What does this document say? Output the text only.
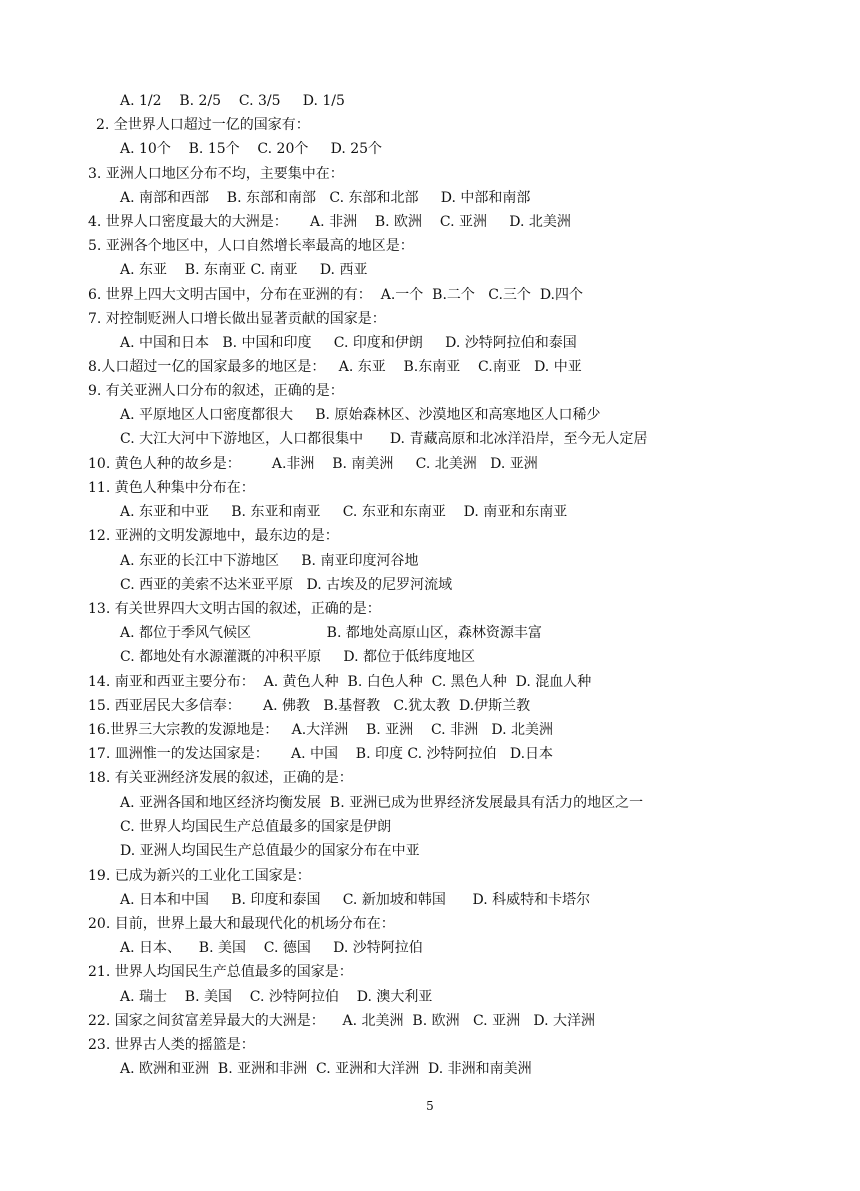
A. 1/2    B. 2/5    C. 3/5     D. 1/5
2. 全世界人口超过一亿的国家有：
A. 10个    B. 15个    C. 20个     D. 25个
3. 亚洲人口地区分布不均，主要集中在：
A. 南部和西部    B. 东部和南部   C. 东部和北部     D. 中部和南部
4. 世界人口密度最大的大洲是：     A. 非洲    B. 欧洲    C. 亚洲     D. 北美洲
5. 亚洲各个地区中，人口自然增长率最高的地区是：
A. 东亚    B. 东南亚 C. 南亚     D. 西亚
6. 世界上四大文明古国中，分布在亚洲的有：  A.一个  B.二个   C.三个  D.四个
7. 对控制贬洲人口增长做出显著贡献的国家是：
A. 中国和日本   B. 中国和印度     C. 印度和伊朗     D. 沙特阿拉伯和泰国
8.人口超过一亿的国家最多的地区是：   A. 东亚    B.东南亚    C.南亚   D. 中亚
9. 有关亚洲人口分布的叙述，正确的是：
A. 平原地区人口密度都很大     B. 原始森林区、沙漠地区和高寒地区人口稀少
C. 大江大河中下游地区，人口都很集中      D. 青藏高原和北冰洋沿岸，至今无人定居
10. 黄色人种的故乡是：       A.非洲    B. 南美洲     C. 北美洲   D. 亚洲
11. 黄色人种集中分布在：
A. 东亚和中亚     B. 东亚和南亚     C. 东亚和东南亚    D. 南亚和东南亚
12. 亚洲的文明发源地中，最东边的是：
A. 东亚的长江中下游地区     B. 南亚印度河谷地
C. 西亚的美索不达米亚平原   D. 古埃及的尼罗河流域
13. 有关世界四大文明古国的叙述，正确的是：
A. 都位于季风气候区                 B. 都地处高原山区，森林资源丰富
C. 都地处有水源灌溉的冲积平原     D. 都位于低纬度地区
14. 南亚和西亚主要分布：  A. 黄色人种  B. 白色人种  C. 黑色人种  D. 混血人种
15. 西亚居民大多信奉：     A. 佛教   B.基督教   C.犹太教  D.伊斯兰教
16.世界三大宗教的发源地是：   A.大洋洲    B. 亚洲    C. 非洲   D. 北美洲
17. 皿洲惟一的发达国家是：     A. 中国    B. 印度 C. 沙特阿拉伯   D.日本
18. 有关亚洲经济发展的叙述，正确的是：
A. 亚洲各国和地区经济均衡发展  B. 亚洲已成为世界经济发展最具有活力的地区之一
C. 世界人均国民生产总值最多的国家是伊朗
D. 亚洲人均国民生产总值最少的国家分布在中亚
19. 已成为新兴的工业化工国家是：
A. 日本和中国     B. 印度和泰国     C. 新加坡和韩国      D. 科威特和卡塔尔
20. 目前，世界上最大和最现代化的机场分布在：
A. 日本、    B. 美国    C. 德国     D. 沙特阿拉伯
21. 世界人均国民生产总值最多的国家是：
A. 瑞士    B. 美国    C. 沙特阿拉伯    D. 澳大利亚
22. 国家之间贫富差异最大的大洲是：    A. 北美洲  B. 欧洲   C. 亚洲   D. 大洋洲
23. 世界古人类的摇篮是：
A. 欧洲和亚洲  B. 亚洲和非洲  C. 亚洲和大洋洲  D. 非洲和南美洲
5
